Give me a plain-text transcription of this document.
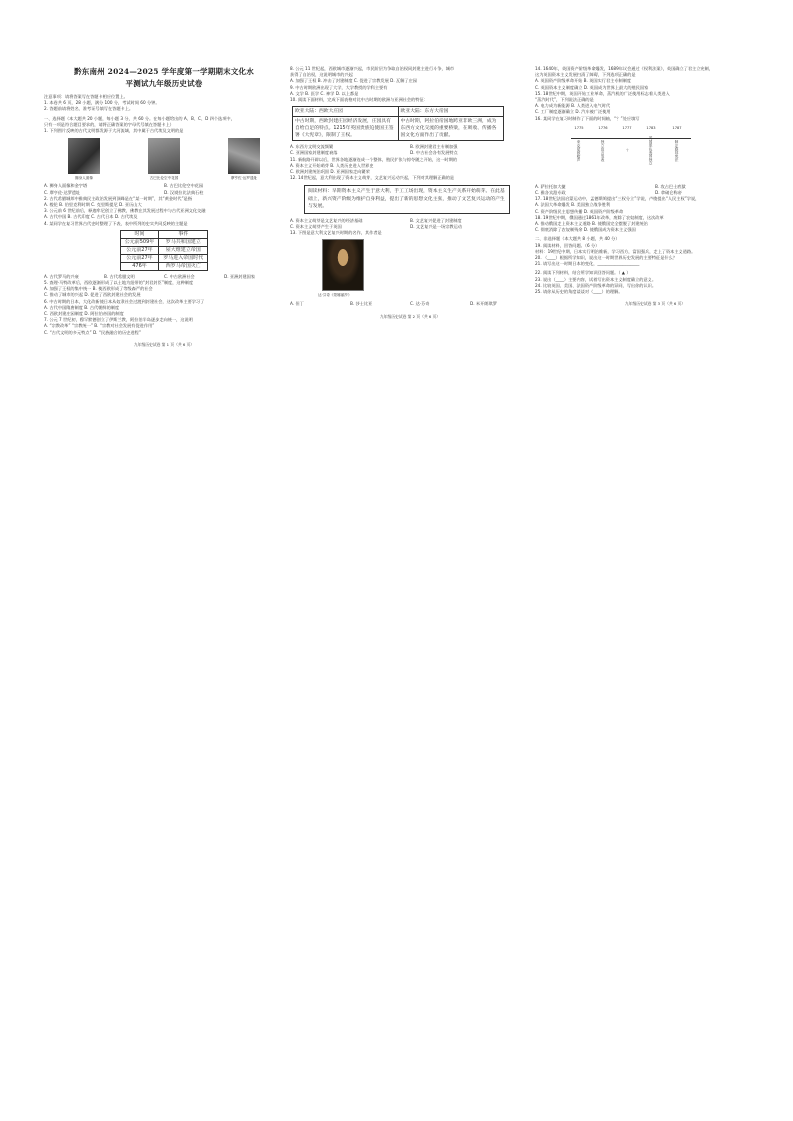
黔东南州 2024—2025 学年度第一学期期末文化水
平测试九年级历史试卷
注意事项：请将答案写在答题卡相应位置上。
1. 本卷共 6 页，28 小题，满分 100 分，考试时间 60 分钟。
2. 答题前请将姓名、准考证号填写在答题卡上。
一、选择题（本大题共 20 小题，每小题 3 分，共 60 分。在每小题给出的 A、B、C、D 四个选项中，
只有一项是符合题目要求的，请将正确答案的字母代号填在答题卡上）
1. 下列图片反映的古代文明都发源于大河流域，其中属于古代埃及文明的是
狮身人面像	古巴比伦空中花园	摩亨佐·达罗遗址
A. 狮身人面像和金字塔	B. 古巴比伦空中花园
C. 摩亨佐·达罗遗址	D. 汉谟拉比法典石柱
2. 古代希腊城邦中雅典民主政治发展到顶峰是在“某一时期”，其“黄金时代”是指
A. 梭伦 B. 伯里克利时期 C. 克里斯提尼 D. 亚历山大
3. 公元前 6 世纪前后，释迦牟尼创立了佛教，佛教在其发展过程中与古代亚洲文化交融
A. 古代中国 B. 古代印度 C. 古代日本 D. 古代埃及
4. 某同学在复习世界古代史时整理了下表，表中所列的史实共同反映的主题是
时间	事件
公元前509年	罗马共和国建立
公元前27年	屋大维建立帝国
公元前27年	罗马进入帝国时代
476年	西罗马帝国灭亡
A. 古代罗马的兴衰	B. 古代希腊文明	C. 中古欧洲社会	D. 亚洲封建国家
5. 查理·马特改革后，西欧逐渐形成了以土地为纽带的“封君封臣”制度，这种制度
A. 加强了王权的集中统一 B. 使西欧形成了等级森严的社会
C. 推动了城市的兴起 D. 促进了西欧封建社会的发展
6. 中古时期的日本，大化改新使日本从奴隶社会过渡到封建社会，这次改革主要学习了
A. 古代中国隋唐制度 B. 古代朝鲜的制度
C. 西欧封建庄园制度 D. 阿拉伯帝国的制度
7. 公元 7 世纪初，穆罕默德创立了伊斯兰教，阿拉伯半岛逐步走向统一，这说明
A. “宗教改革” “宗教统一” B. “宗教对社会发展有促进作用”
C. “古代文明的多元特点” D. “民族融合的历史进程”
九年级历史试卷 第 1 页（共 6 页）
8. 公元 11 世纪起，西欧城市逐渐兴起，市民阶层为争取自治权同封建主进行斗争，城市
获得了自治权，这说明城市的兴起
A. 加强了王权 B. 冲击了封建制度 C. 促进了宗教发展 D. 瓦解了庄园
9. 中古时期欧洲出现了大学，大学教授的学科主要有
A. 文学 B. 医学 C. 神学 D. 以上都是
10. 阅读下面材料，完成下面表格对比中古时期的欧洲与亚洲社会的特征：
欧亚大陆：西欧大庄园	欧亚大陆：东方大帝国
中古时期，西欧封建庄园经济发展，庄园具有自给自足的特点。1215年英国贵族迫使国王签署《大宪章》，限制了王权。	中古时期，阿拉伯帝国地跨亚非欧三洲，成为东西方文化交流的重要桥梁，在吸收、传播各国文化方面作出了贡献。
A. 东西方文明交流频繁	B. 欧洲封建君主专制加强
C. 亚洲国家封建制度衰落	D. 中古社会各有发展特点
11. 新航路开辟以后，世界各地逐渐连成一个整体，殖民扩张与掠夺随之开始，这一时期的
A. 资本主义开始萌芽 B. 人类历史进入世界史
C. 欧洲封建统治巩固 D. 亚洲国家走向繁荣
12. 14世纪起，意大利出现了资本主义萌芽，文艺复兴运动兴起，下列对其理解正确的是
阅读材料：早期资本主义产生于意大利，手工工场出现，资本主义生产关系开始萌芽。在此基础上，新兴资产阶级为维护自身利益，提出了新的思想文化主张，推动了文艺复兴运动的产生与发展。
A. 资本主义萌芽是文艺复兴的经济基础	B. 文艺复兴促进了封建制度
C. 资本主义萌芽产生于英国	D. 文艺复兴是一场宗教运动
13. 下图是意大利文艺复兴时期的名作，其作者是
达·芬奇《蒙娜丽莎》
A. 但丁	B. 莎士比亚	C. 达·芬奇	D. 米开朗琪罗
九年级历史试卷 第 2 页（共 6 页）
14. 1640年，英国资产阶级革命爆发，1689年议会通过《权利法案》，英国确立了君主立宪制，
这为英国资本主义发展扫清了障碍，下列选项正确的是
A. 英国资产阶级革命开始 B. 英国实行君主专制制度
C. 英国资本主义制度确立 D. 英国成为世界上最大的殖民国家
15. 18世纪中期，英国开始工业革命，蒸汽机的广泛使用标志着人类进入
“蒸汽时代”，下列说法正确的是
A. 电力成为新能源 B. 人类进入电气时代
C. 工厂制度逐渐确立 D. 汽车被广泛使用
16. 某同学在复习时制作了下面的时间轴，“？”处应填写
1775
来克星顿枪声
1776
独立宣言发表
1777
？
1783
英国承认美国独立
1787
制定联邦宪法
A. 萨拉托加大捷	B. 攻占巴士底狱
C. 雅各宾派专政	D. 拿破仑称帝
17. 18世纪法国启蒙运动中，孟德斯鸠提出“三权分立”学说，卢梭提出“人民主权”学说，
A. 法国大革命爆发 B. 美国独立战争胜利
C. 资产阶级民主思想传播 D. 英国资产阶级革命
18. 19世纪中期，俄国通过1861年改革，废除了农奴制度，这次改革
A. 推动俄国走上资本主义道路 B. 使俄国完全摆脱了封建统治
C. 彻底消除了农奴制残余 D. 使俄国成为资本主义强国
二、非选择题（本大题共 8 小题，共 40 分）
19. 阅读材料，回答问题。（6 分）
材料：19世纪中期，日本实行明治维新，学习西方，富国强兵，走上了资本主义道路。
20. （____）根据所学知识，说出这一时期世界历史发展的主要特征是什么？
21. 请写出这一时期日本的变化，____________________
22. 阅读下列材料，结合所学知识回答问题。（ ▲ ）
23. 说出（____）主要内容，试着写出资本主义制度确立的意义。
24. 比较英国、美国、法国资产阶级革命的异同，写出你的认识。
25. 请你从历史的角度谈谈对（____）的理解。
九年级历史试卷 第 3 页（共 6 页）
